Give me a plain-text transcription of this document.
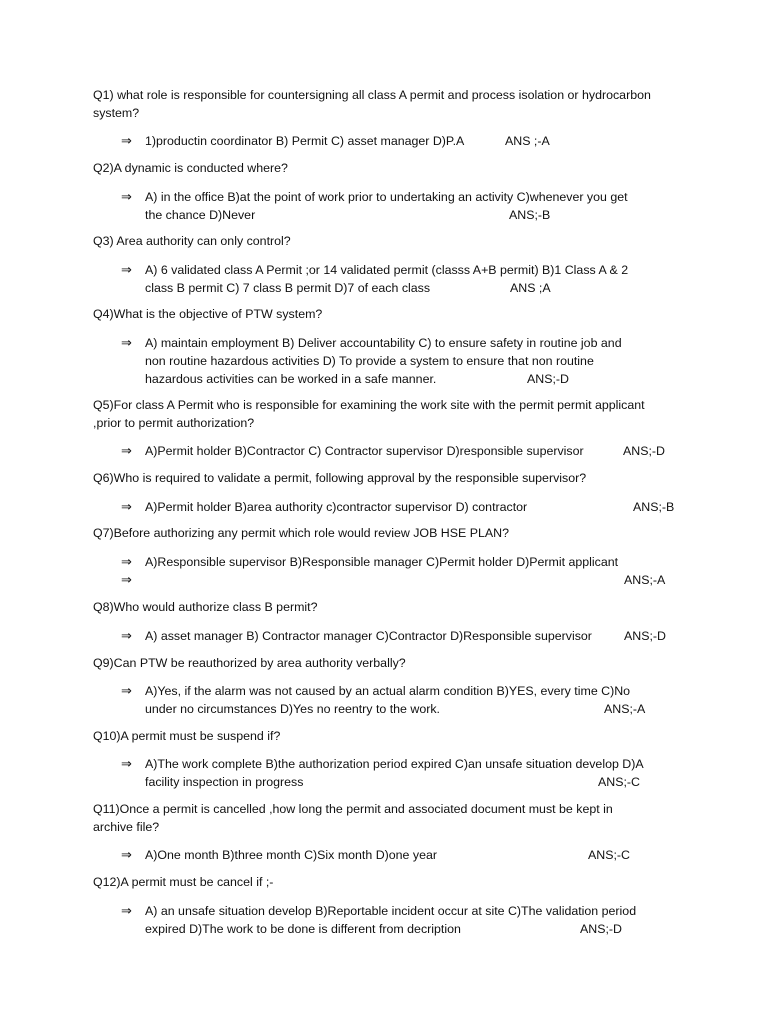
Q1) what role is responsible for countersigning all class A permit and process isolation or hydrocarbon system?
⇒ 1)productin coordinator B) Permit C) asset manager D)P.A	ANS ;-A
Q2)A dynamic is conducted where?
⇒ A) in the office B)at the point of work prior to undertaking an activity C)whenever you get
the chance D)Never	ANS;-B
Q3) Area authority can only control?
⇒ A) 6 validated class A Permit ;or 14 validated permit (classs A+B permit) B)1 Class A & 2
class B permit C) 7 class B permit D)7 of each class	ANS ;A
Q4)What is the objective of PTW system?
⇒ A) maintain employment B) Deliver accountability C) to ensure safety in routine job and
non routine hazardous activities D) To provide a system to ensure that non routine
hazardous activities can be worked in a safe manner.	ANS;-D
Q5)For class A Permit who is responsible for examining the work site with the permit permit applicant ,prior to permit authorization?
⇒ A)Permit holder B)Contractor C) Contractor supervisor D)responsible supervisor	ANS;-D
Q6)Who is required to validate a permit, following approval by the responsible supervisor?
⇒ A)Permit holder B)area authority c)contractor supervisor D) contractor	ANS;-B
Q7)Before authorizing any permit which role would review JOB HSE PLAN?
⇒ A)Responsible supervisor B)Responsible manager C)Permit holder D)Permit applicant
⇒	ANS;-A
Q8)Who would authorize class B permit?
⇒ A) asset manager B) Contractor manager C)Contractor D)Responsible supervisor	ANS;-D
Q9)Can PTW be reauthorized by area authority verbally?
⇒ A)Yes, if the alarm was not caused by an actual alarm condition B)YES, every time C)No
under no circumstances D)Yes no reentry to the work.	ANS;-A
Q10)A permit must be suspend if?
⇒ A)The work complete B)the authorization period expired C)an unsafe situation develop D)A
facility inspection in progress	ANS;-C
Q11)Once a permit is cancelled ,how long the permit and associated document must be kept in archive file?
⇒ A)One month B)three month C)Six month D)one year	ANS;-C
Q12)A permit must be cancel if ;-
⇒ A) an unsafe situation develop B)Reportable incident occur at site C)The validation period
expired D)The work to be done is different from decription	ANS;-D
